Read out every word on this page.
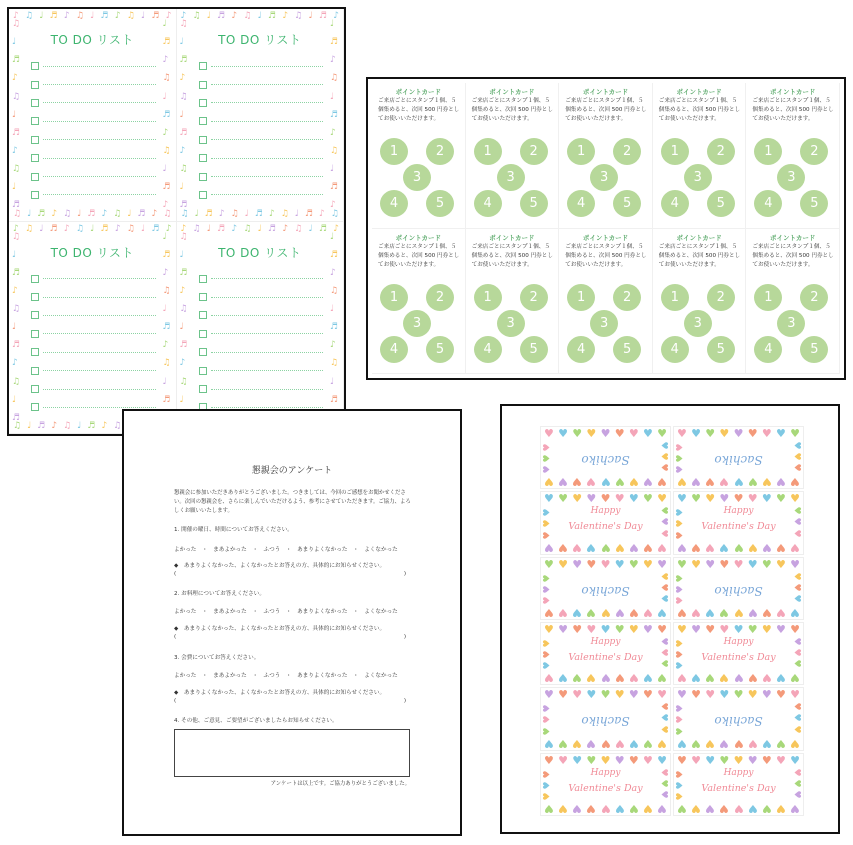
♪ ♫ ♩ ♬ ♪ ♫ ♩ ♬ ♪ ♫ ♩ ♬ ♪
♫ ♩ ♬ ♪ ♫ ♩ ♬ ♪ ♫ ♩ ♬ ♪ ♫
♫
♩
♬
♪
♫
♩
♬
♪
♫
♩
♬
♩
♬
♪
♫
♩
♬
♪
♫
♩
♬
♪
TO DO リスト
♪ ♫ ♩ ♬ ♪ ♫ ♩ ♬ ♪ ♫ ♩ ♬ ♪
♫ ♩ ♬ ♪ ♫ ♩ ♬ ♪ ♫ ♩ ♬ ♪ ♫
♫
♩
♬
♪
♫
♩
♬
♪
♫
♩
♬
♩
♬
♪
♫
♩
♬
♪
♫
♩
♬
♪
TO DO リスト
♪ ♫ ♩ ♬ ♪ ♫ ♩ ♬ ♪ ♫ ♩ ♬ ♪
♫ ♩ ♬ ♪ ♫ ♩ ♬ ♪ ♫
♫
♩
♬
♪
♫
♩
♬
♪
♫
♩
♬
♩
♬
♪
♫
♩
♬
♪
♫
♩
♬
TO DO リスト
♪ ♫ ♩ ♬ ♪ ♫ ♩ ♬ ♪ ♫ ♩ ♬ ♪
♫
♩
♬
♪
♫
♩
♬
♪
♫
♩
♩
♬
♪
♫
♩
♬
♪
♫
♩
♬
TO DO リスト
ポイントカード
ご来店ごとにスタンプ１個、５個集めると、次回 500 円券としてお使いいただけます。
1	2
3
4	5
ポイントカード
ご来店ごとにスタンプ１個、５個集めると、次回 500 円券としてお使いいただけます。
1	2
3
4	5
ポイントカード
ご来店ごとにスタンプ１個、５個集めると、次回 500 円券としてお使いいただけます。
1	2
3
4	5
ポイントカード
ご来店ごとにスタンプ１個、５個集めると、次回 500 円券としてお使いいただけます。
1	2
3
4	5
ポイントカード
ご来店ごとにスタンプ１個、５個集めると、次回 500 円券としてお使いいただけます。
1	2
3
4	5
ポイントカード
ご来店ごとにスタンプ１個、５個集めると、次回 500 円券としてお使いいただけます。
1	2
3
4	5
ポイントカード
ご来店ごとにスタンプ１個、５個集めると、次回 500 円券としてお使いいただけます。
1	2
3
4	5
ポイントカード
ご来店ごとにスタンプ１個、５個集めると、次回 500 円券としてお使いいただけます。
1	2
3
4	5
ポイントカード
ご来店ごとにスタンプ１個、５個集めると、次回 500 円券としてお使いいただけます。
1	2
3
4	5
ポイントカード
ご来店ごとにスタンプ１個、５個集めると、次回 500 円券としてお使いいただけます。
1	2
3
4	5
懇親会のアンケート
懇親会に参加いただきありがとうございました。つきましては、今回のご感想をお聞かせください。次回の懇親会を、さらに楽しんでいただけるよう、参考にさせていただきます。ご協力、よろしくお願いいたします。
1. 開催の曜日、時間についてお答えください。
よかった　・　まあよかった　・　ふつう　・　あまりよくなかった　・　よくなかった
◆　あまりよくなかった、よくなかったとお答えの方、具体的にお知らせください。
(	)
2. お料理についてお答えください。
よかった　・　まあよかった　・　ふつう　・　あまりよくなかった　・　よくなかった
◆　あまりよくなかった、よくなかったとお答えの方、具体的にお知らせください。
(	)
3. 会費についてお答えください。
よかった　・　まあよかった　・　ふつう　・　あまりよくなかった　・　よくなかった
◆　あまりよくなかった、よくなかったとお答えの方、具体的にお知らせください。
(	)
4. その他、ご意見、ご要望がございましたらお知らせください。
アンケートは以上です。ご協力ありがとうございました。
♥ ♥ ♥ ♥ ♥ ♥ ♥ ♥ ♥
♥ ♥ ♥ ♥ ♥ ♥ ♥ ♥ ♥
♥
♥
♥
♥
♥
♥
Sachiko
♥ ♥ ♥ ♥ ♥ ♥ ♥ ♥ ♥
♥ ♥ ♥ ♥ ♥ ♥ ♥ ♥ ♥
♥
♥
♥
♥
♥
♥
Sachiko
♥ ♥ ♥ ♥ ♥ ♥ ♥ ♥ ♥
♥ ♥ ♥ ♥ ♥ ♥ ♥ ♥ ♥
♥
♥
♥
♥
♥
♥
Happy
Valentine's Day
♥ ♥ ♥ ♥ ♥ ♥ ♥ ♥ ♥
♥ ♥ ♥ ♥ ♥ ♥ ♥ ♥ ♥
♥
♥
♥
♥
♥
♥
Happy
Valentine's Day
♥ ♥ ♥ ♥ ♥ ♥ ♥ ♥ ♥
♥ ♥ ♥ ♥ ♥ ♥ ♥ ♥ ♥
♥
♥
♥
♥
♥
♥
Sachiko
♥ ♥ ♥ ♥ ♥ ♥ ♥ ♥ ♥
♥ ♥ ♥ ♥ ♥ ♥ ♥ ♥ ♥
♥
♥
♥
♥
♥
♥
Sachiko
♥ ♥ ♥ ♥ ♥ ♥ ♥ ♥ ♥
♥ ♥ ♥ ♥ ♥ ♥ ♥ ♥ ♥
♥
♥
♥
♥
♥
♥
Happy
Valentine's Day
♥ ♥ ♥ ♥ ♥ ♥ ♥ ♥ ♥
♥ ♥ ♥ ♥ ♥ ♥ ♥ ♥ ♥
♥
♥
♥
♥
♥
♥
Happy
Valentine's Day
♥ ♥ ♥ ♥ ♥ ♥ ♥ ♥ ♥
♥ ♥ ♥ ♥ ♥ ♥ ♥ ♥ ♥
♥
♥
♥
♥
♥
♥
Sachiko
♥ ♥ ♥ ♥ ♥ ♥ ♥ ♥ ♥
♥ ♥ ♥ ♥ ♥ ♥ ♥ ♥ ♥
♥
♥
♥
♥
♥
♥
Sachiko
♥ ♥ ♥ ♥ ♥ ♥ ♥ ♥ ♥
♥ ♥ ♥ ♥ ♥ ♥ ♥ ♥ ♥
♥
♥
♥
♥
♥
♥
Happy
Valentine's Day
♥ ♥ ♥ ♥ ♥ ♥ ♥ ♥ ♥
♥ ♥ ♥ ♥ ♥ ♥ ♥ ♥ ♥
♥
♥
♥
♥
♥
♥
Happy
Valentine's Day
